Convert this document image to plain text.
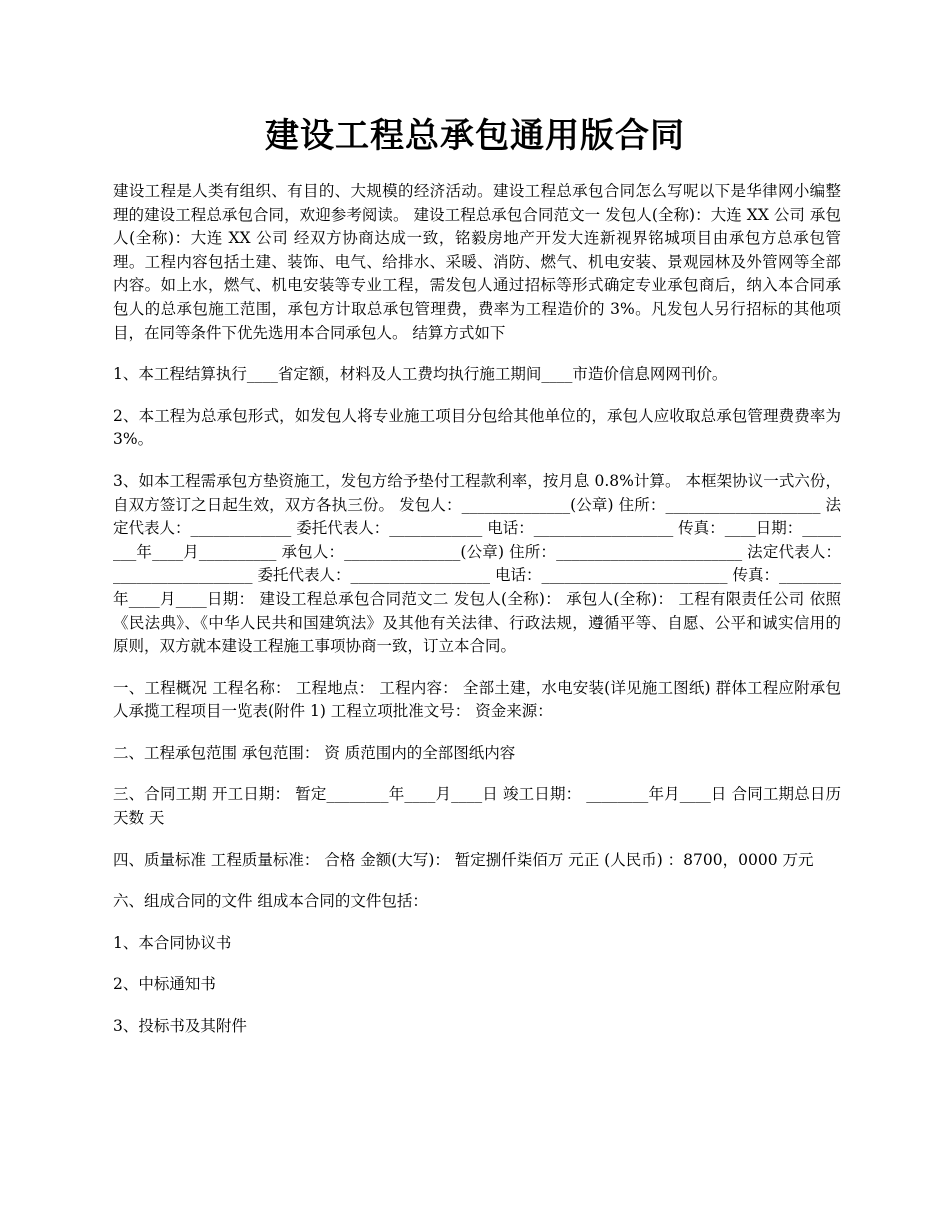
建设工程总承包通用版合同

建设工程是人类有组织、有目的、大规模的经济活动。建设工程总承包合同怎么写呢以下是华律网小编整理的建设工程总承包合同，欢迎参考阅读。 建设工程总承包合同范文一 发包人(全称)：大连 XX 公司 承包人(全称)：大连 XX 公司 经双方协商达成一致，铭毅房地产开发大连新视界铭城项目由承包方总承包管理。工程内容包括土建、装饰、电气、给排水、采暖、消防、燃气、机电安装、景观园林及外管网等全部内容。如上水，燃气、机电安装等专业工程，需发包人通过招标等形式确定专业承包商后，纳入本合同承包人的总承包施工范围，承包方计取总承包管理费，费率为工程造价的 3%。凡发包人另行招标的其他项目，在同等条件下优先选用本合同承包人。 结算方式如下

1、本工程结算执行____省定额，材料及人工费均执行施工期间____市造价信息网网刊价。

2、本工程为总承包形式，如发包人将专业施工项目分包给其他单位的，承包人应收取总承包管理费费率为 3%。

3、如本工程需承包方垫资施工，发包方给予垫付工程款利率，按月息 0.8%计算。 本框架协议一式六份，自双方签订之日起生效，双方各执三份。 发包人：______________(公章) 住所：____________________ 法定代表人：_____________ 委托代表人：____________ 电话：__________________ 传真：____日期：________年____月__________ 承包人：_______________(公章) 住所：________________________ 法定代表人：__________________ 委托代表人：__________________ 电话：________________________ 传真：________年____月____日期： 建设工程总承包合同范文二 发包人(全称)： 承包人(全称)： 工程有限责任公司 依照《民法典》、《中华人民共和国建筑法》及其他有关法律、行政法规，遵循平等、自愿、公平和诚实信用的原则，双方就本建设工程施工事项协商一致，订立本合同。

一、工程概况 工程名称： 工程地点： 工程内容： 全部土建，水电安装(详见施工图纸) 群体工程应附承包人承揽工程项目一览表(附件 1) 工程立项批准文号： 资金来源：

二、工程承包范围 承包范围： 资 质范围内的全部图纸内容

三、合同工期 开工日期： 暂定________年____月____日 竣工日期： ________年月____日 合同工期总日历天数 天

四、质量标准 工程质量标准： 合格 金额(大写)： 暂定捌仟柒佰万 元正 (人民币) ：8700，0000 万元

六、组成合同的文件 组成本合同的文件包括：

1、本合同协议书

2、中标通知书

3、投标书及其附件
